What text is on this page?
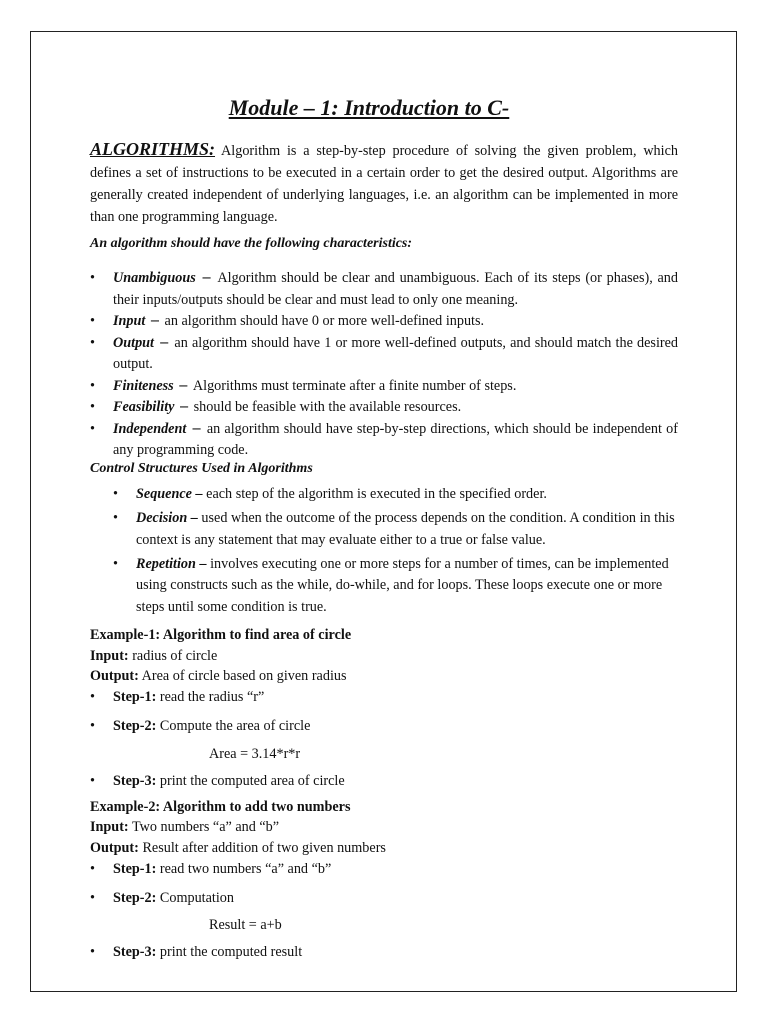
Module – 1: Introduction to C-

ALGORITHMS: Algorithm is a step-by-step procedure of solving the given problem, which defines a set of instructions to be executed in a certain order to get the desired output. Algorithms are generally created independent of underlying languages, i.e. an algorithm can be implemented in more than one programming language.

An algorithm should have the following characteristics:

• Unambiguous − Algorithm should be clear and unambiguous. Each of its steps (or phases), and their inputs/outputs should be clear and must lead to only one meaning.
• Input − an algorithm should have 0 or more well-defined inputs.
• Output − an algorithm should have 1 or more well-defined outputs, and should match the desired output.
• Finiteness − Algorithms must terminate after a finite number of steps.
• Feasibility − should be feasible with the available resources.
• Independent − an algorithm should have step-by-step directions, which should be independent of any programming code.

Control Structures Used in Algorithms

• Sequence – each step of the algorithm is executed in the specified order.
• Decision – used when the outcome of the process depends on the condition. A condition in this context is any statement that may evaluate either to a true or false value.
• Repetition – involves executing one or more steps for a number of times, can be implemented using constructs such as the while, do-while, and for loops. These loops execute one or more steps until some condition is true.

Example-1: Algorithm to find area of circle

Input: radius of circle

Output: Area of circle based on given radius

• Step-1: read the radius “r”

• Step-2: Compute the area of circle

Area = 3.14*r*r

• Step-3: print the computed area of circle

Example-2: Algorithm to add two numbers

Input: Two numbers “a” and “b”

Output: Result after addition of two given numbers

• Step-1: read two numbers “a” and “b”

• Step-2: Computation

Result = a+b

• Step-3: print the computed result
